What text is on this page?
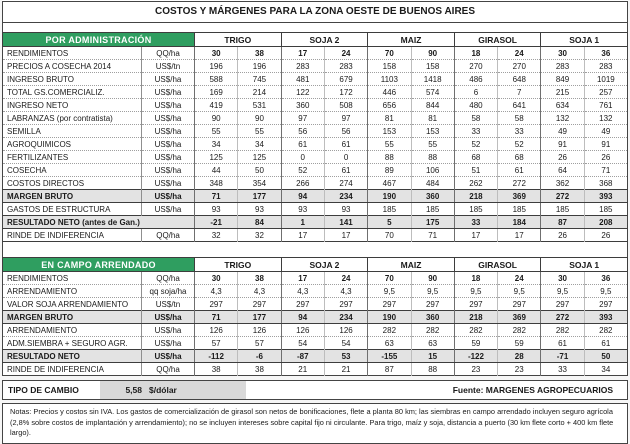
COSTOS Y MÁRGENES PARA LA ZONA OESTE DE BUENOS AIRES
POR ADMINISTRACIÓN		TRIGO		SOJA 2		MAIZ		GIRASOL		SOJA 1	
RENDIMIENTOS	QQ/ha	30	38	17	24	70	90	18	24	30	36
PRECIOS A COSECHA 2014	US$/tn	196	196	283	283	158	158	270	270	283	283
INGRESO BRUTO	US$/ha	588	745	481	679	1103	1418	486	648	849	1019
TOTAL GS.COMERCIALIZ.	US$/ha	169	214	122	172	446	574	6	7	215	257
INGRESO NETO	US$/ha	419	531	360	508	656	844	480	641	634	761
LABRANZAS (por contratista)	US$/ha	90	90	97	97	81	81	58	58	132	132
SEMILLA	US$/ha	55	55	56	56	153	153	33	33	49	49
AGROQUIMICOS	US$/ha	34	34	61	61	55	55	52	52	91	91
FERTILIZANTES	US$/ha	125	125	0	0	88	88	68	68	26	26
COSECHA	US$/ha	44	50	52	61	89	106	51	61	64	71
COSTOS DIRECTOS	US$/ha	348	354	266	274	467	484	262	272	362	368
MARGEN BRUTO	US$/ha	71	177	94	234	190	360	218	369	272	393
GASTOS DE ESTRUCTURA	US$/ha	93	93	93	93	185	185	185	185	185	185
RESULTADO NETO (antes de Gan.)		-21	84	1	141	5	175	33	184	87	208
RINDE DE INDIFERENCIA	QQ/ha	32	32	17	17	70	71	17	17	26	26

EN CAMPO ARRENDADO		TRIGO		SOJA 2		MAIZ		GIRASOL		SOJA 1	
RENDIMIENTOS	QQ/ha	30	38	17	24	70	90	18	24	30	36
ARRENDAMIENTO	qq soja/ha	4,3	4,3	4,3	4,3	9,5	9,5	9,5	9,5	9,5	9,5
VALOR SOJA ARRENDAMIENTO	US$/tn	297	297	297	297	297	297	297	297	297	297
MARGEN BRUTO	US$/ha	71	177	94	234	190	360	218	369	272	393
ARRENDAMIENTO	US$/ha	126	126	126	126	282	282	282	282	282	282
ADM.SIEMBRA + SEGURO AGR.	US$/ha	57	57	54	54	63	63	59	59	61	61
RESULTADO NETO	US$/ha	-112	-6	-87	53	-155	15	-122	28	-71	50
RINDE DE INDIFERENCIA	QQ/ha	38	38	21	21	87	88	23	23	33	34
TIPO DE CAMBIO	5,58 $/dólar	Fuente: MARGENES AGROPECUARIOS
Notas: Precios y costos sin IVA. Los gastos de comercialización de girasol son netos de bonificaciones, flete a planta 80 km; las siembras en campo arrendado incluyen seguro agrícola (2,8% sobre costos de implantación y arrendamiento); no se incluyen intereses sobre capital fijo ni circulante. Para trigo, maíz y soja, distancia a puerto (30 km flete corto + 400 km flete largo).
